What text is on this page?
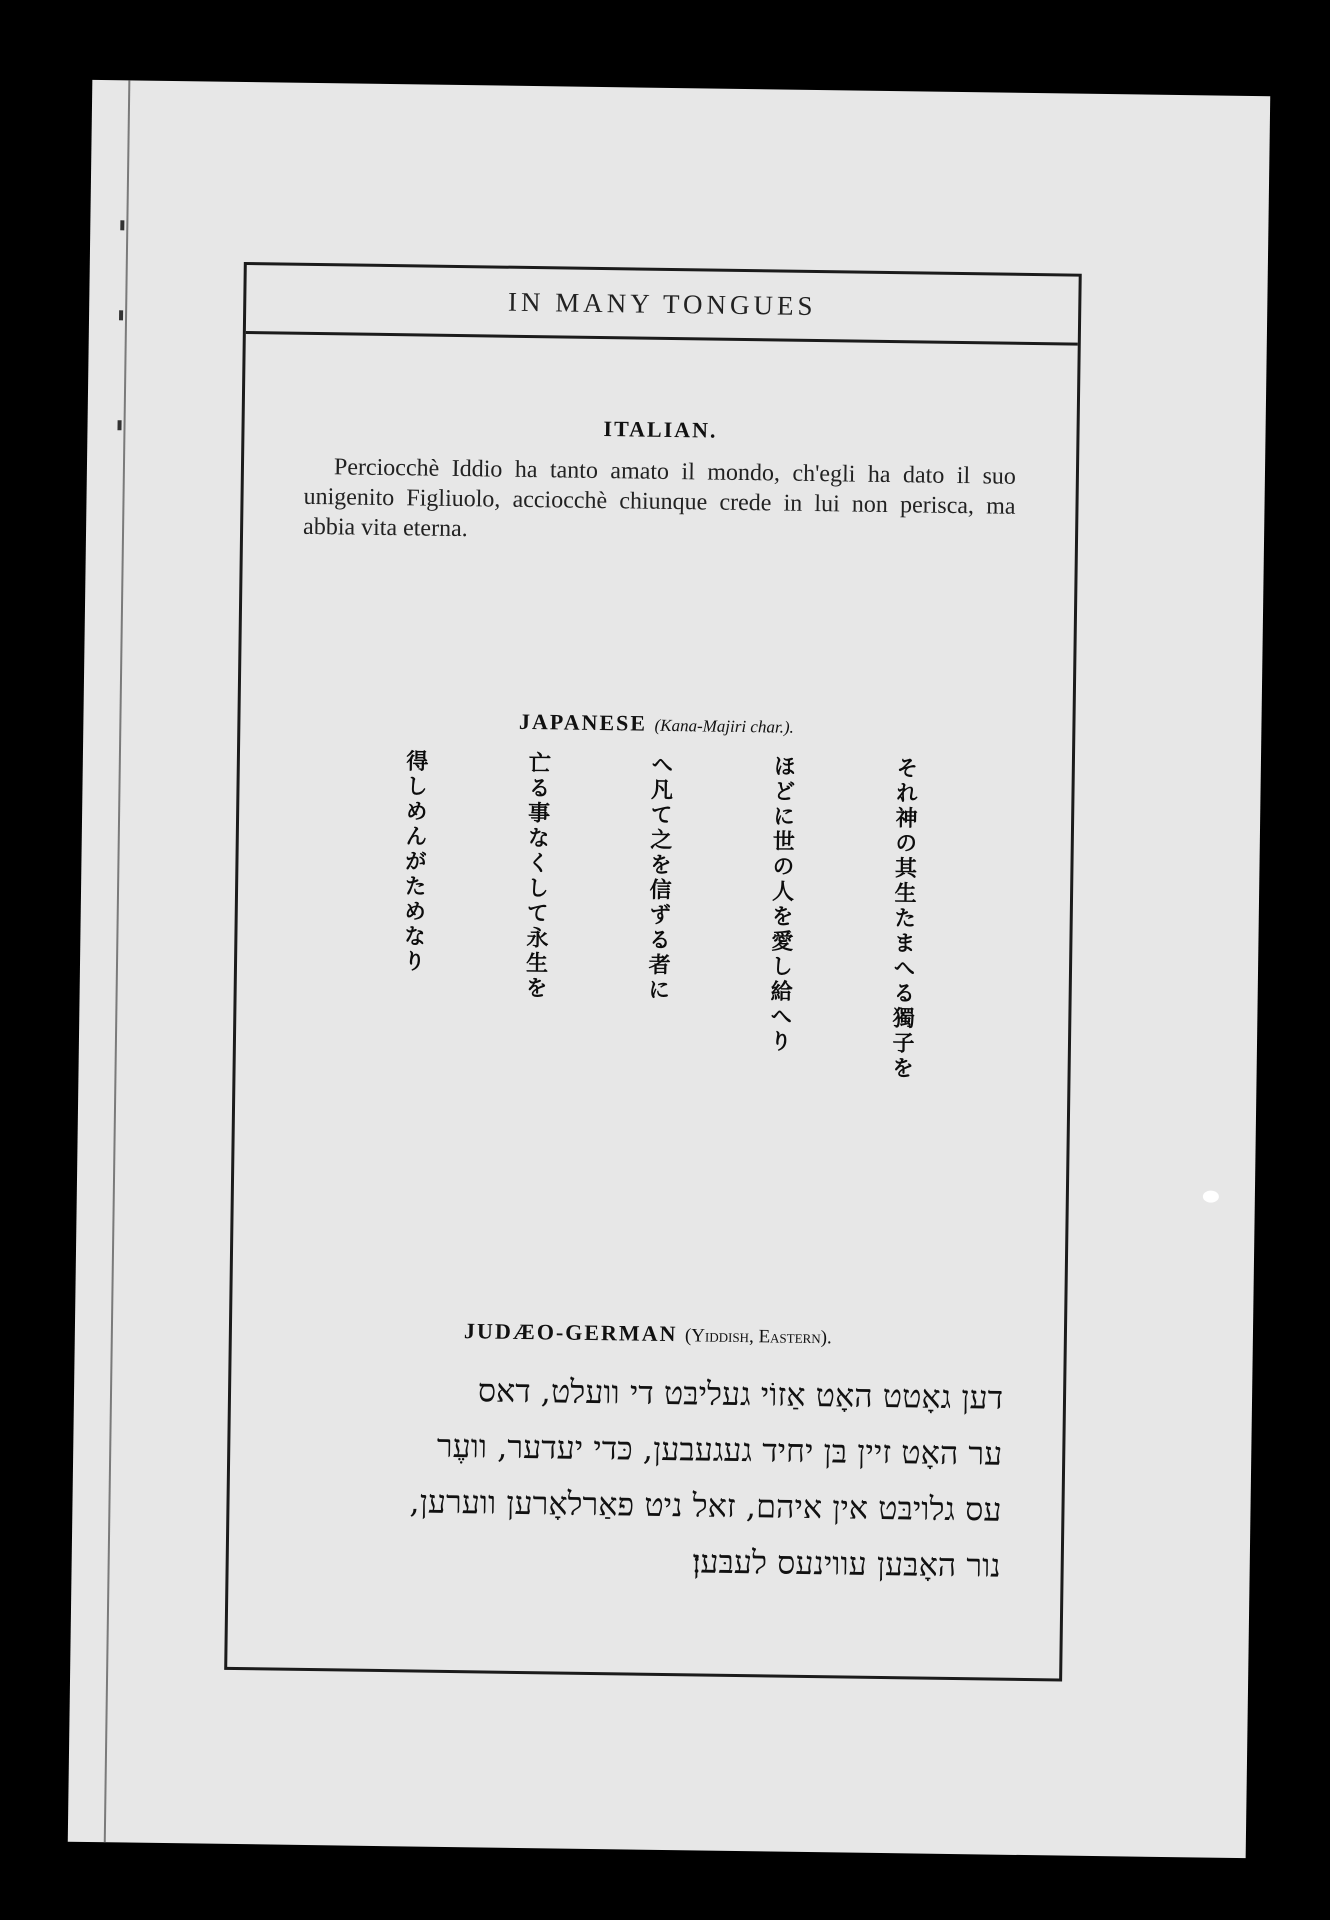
IN MANY TONGUES
ITALIAN.
Perciocchè Iddio ha tanto amato il mondo, ch'egli ha dato il suo unigenito Figliuolo, acciocchè chiunque crede in lui non perisca, ma abbia vita eterna.
JAPANESE (Kana-Majiri char.).
それ神の其生たまへる獨子を
ほどに世の人を愛し給へり
へ凡て之を信ずる者に
亡る事なくして永生を
得しめんがためなり
JUDÆO-GERMAN (Yiddish, Eastern).
דען גאָטט האָט אַזוֹי געליבּט די וועלט, דאס
ער האָט זיין בּן יחיד געגעבען, כּדי יעדער, וועֶר
עס גלויבּט אין איהם, זאל ניט פאַרלאָרען ווערען,
נור האָבּען עווינעס לעבּען׃
